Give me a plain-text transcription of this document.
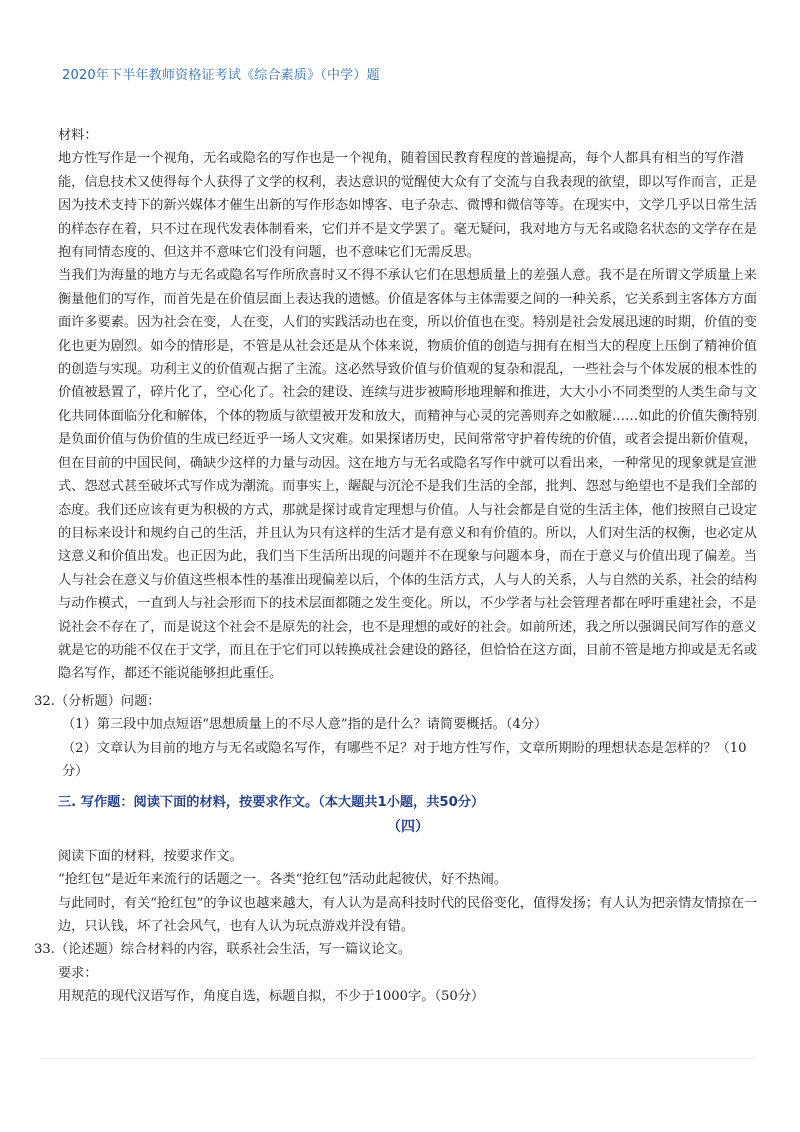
2020年下半年教师资格证考试《综合素质》（中学）题

材料：

地方性写作是一个视角，无名或隐名的写作也是一个视角，随着国民教育程度的普遍提高，每个人都具有相当的写作潜能，信息技术又使得每个人获得了文学的权利，表达意识的觉醒使大众有了交流与自我表现的欲望，即以写作而言，正是因为技术支持下的新兴媒体才催生出新的写作形态如博客、电子杂志、微博和微信等等。在现实中，文学几乎以日常生活的样态存在着，只不过在现代发表体制看来，它们并不是文学罢了。毫无疑问，我对地方与无名或隐名状态的文学存在是抱有同情态度的、但这并不意味它们没有问题，也不意味它们无需反思。

当我们为海量的地方与无名或隐名写作所欣喜时又不得不承认它们在思想质量上的差强人意。我不是在所谓文学质量上来衡量他们的写作，而首先是在价值层面上表达我的遗憾。价值是客体与主体需要之间的一种关系，它关系到主客体方方面面许多要素。因为社会在变，人在变，人们的实践活动也在变，所以价值也在变。特别是社会发展迅速的时期，价值的变化也更为剧烈。如今的情形是，不管是从社会还是从个体来说，物质价值的创造与拥有在相当大的程度上压倒了精神价值的创造与实现。功利主义的价值观占据了主流。这必然导致价值与价值观的复杂和混乱，一些社会与个体发展的根本性的价值被悬置了，碎片化了，空心化了。社会的建设、连续与进步被畸形地理解和推进，大大小小不同类型的人类生命与文化共同体面临分化和解体，个体的物质与欲望被开发和放大，而精神与心灵的完善则弃之如敝屣……如此的价值失衡特别是负面价值与伪价值的生成已经近乎一场人文灾难。如果探诸历史，民间常常守护着传统的价值，或者会提出新价值观，但在目前的中国民间，确缺少这样的力量与动因。这在地方与无名或隐名写作中就可以看出来，一种常见的现象就是宣泄式、怨怼式甚至破坏式写作成为潮流。而事实上，龌龊与沉沦不是我们生活的全部，批判、怨怼与绝望也不是我们全部的态度。我们还应该有更为积极的方式，那就是探讨或肯定理想与价值。人与社会都是自觉的生活主体，他们按照自己设定的目标来设计和规约自己的生活，并且认为只有这样的生活才是有意义和有价值的。所以，人们对生活的权衡，也必定从这意义和价值出发。也正因为此，我们当下生活所出现的问题并不在现象与问题本身，而在于意义与价值出现了偏差。当人与社会在意义与价值这些根本性的基准出现偏差以后，个体的生活方式，人与人的关系，人与自然的关系，社会的结构与动作模式，一直到人与社会形而下的技术层面都随之发生变化。所以，不少学者与社会管理者都在呼吁重建社会，不是说社会不存在了，而是说这个社会不是原先的社会，也不是理想的或好的社会。如前所述，我之所以强调民间写作的意义就是它的功能不仅在于文学，而且在于它们可以转换成社会建设的路径，但恰恰在这方面，目前不管是地方抑或是无名或隐名写作，都还不能说能够担此重任。

32.（分析题）问题：

（1）第三段中加点短语“思想质量上的不尽人意”指的是什么？请简要概括。（4分）

（2）文章认为目前的地方与无名或隐名写作，有哪些不足？对于地方性写作，文章所期盼的理想状态是怎样的？（10分）

三. 写作题：阅读下面的材料，按要求作文。（本大题共1小题，共50分）

（四）

阅读下面的材料，按要求作文。

“抢红包”是近年来流行的话题之一。各类“抢红包”活动此起彼伏，好不热闹。

与此同时，有关“抢红包”的争议也越来越大，有人认为是高科技时代的民俗变化，值得发扬；有人认为把亲情友情掠在一边，只认钱，坏了社会风气，也有人认为玩点游戏并没有错。

33.（论述题）综合材料的内容，联系社会生活，写一篇议论文。

要求：

用规范的现代汉语写作，角度自选，标题自拟，不少于1000字。（50分）
